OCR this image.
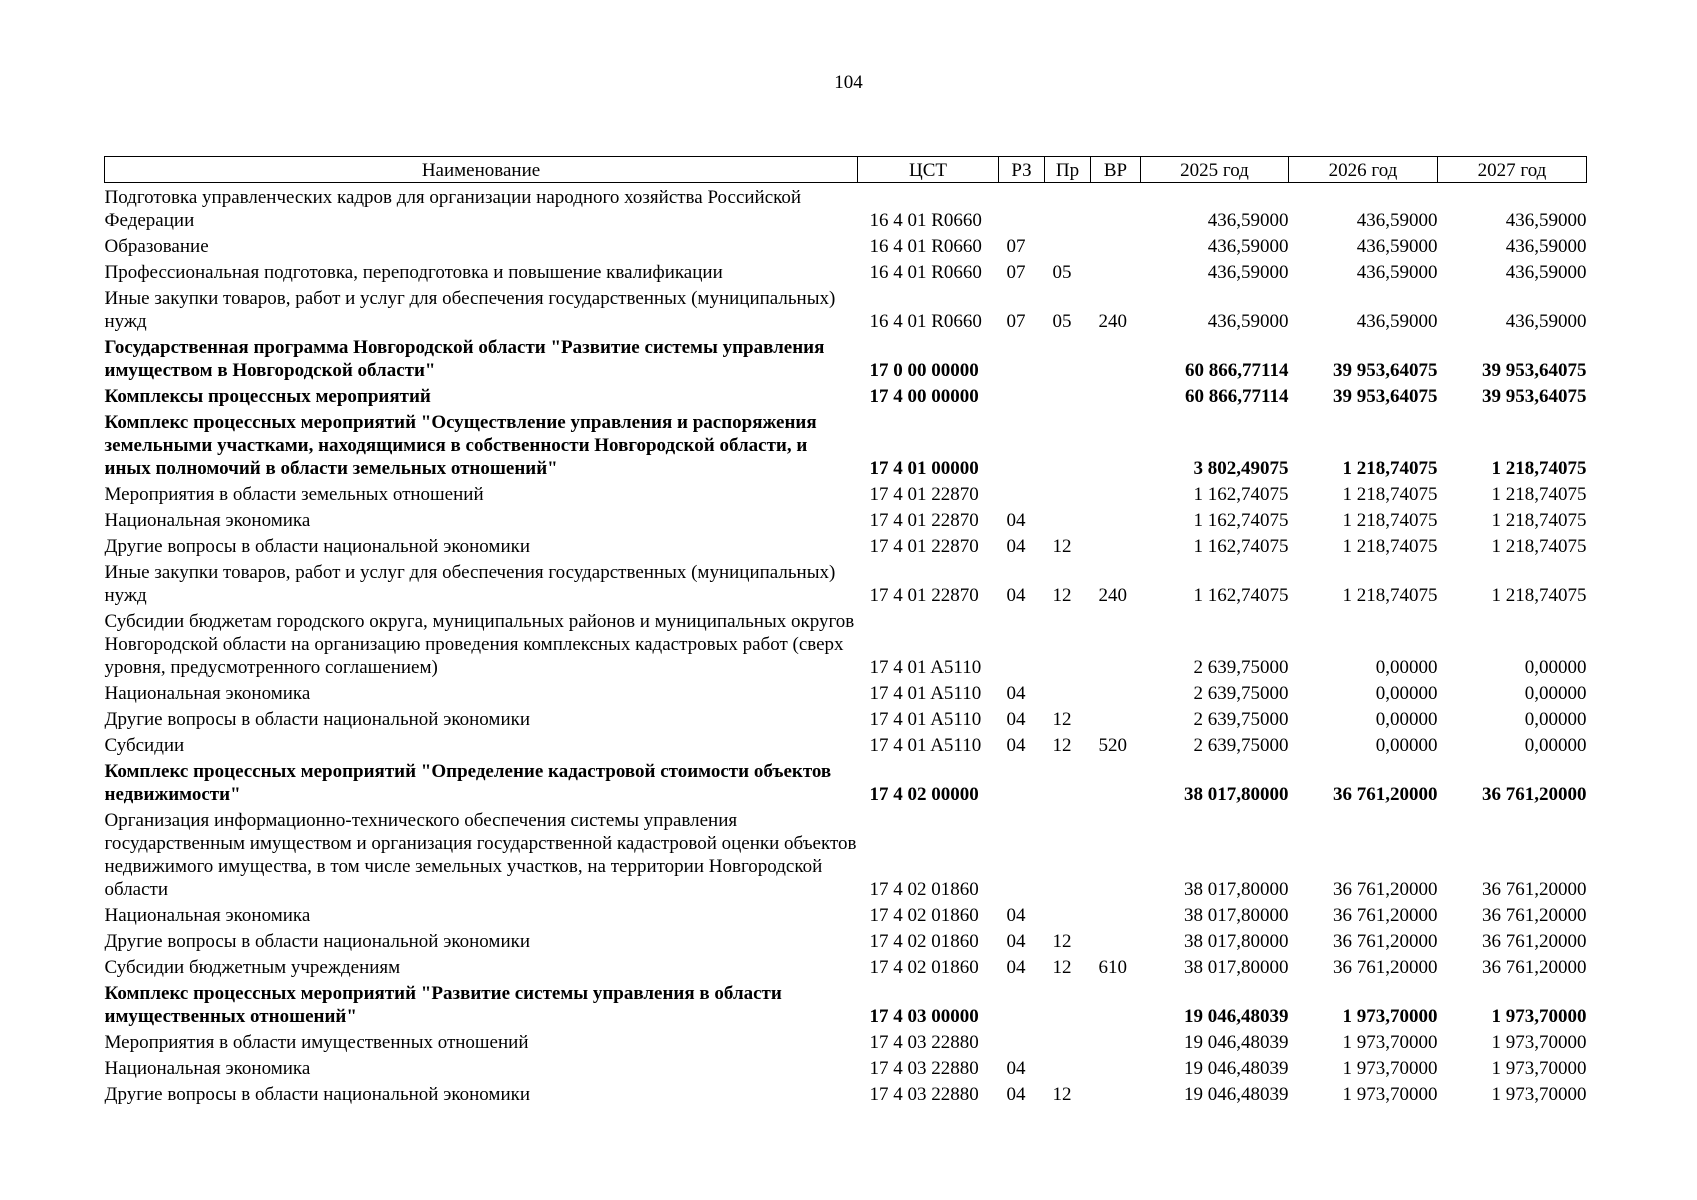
104
Наименование	ЦСТ	РЗ	Пр	ВР	2025 год	2026 год	2027 год
Подготовка управленческих кадров для организации народного хозяйства Российской Федерации	16 4 01 R0660				436,59000	436,59000	436,59000
Образование	16 4 01 R0660	07			436,59000	436,59000	436,59000
Профессиональная подготовка, переподготовка и повышение квалификации	16 4 01 R0660	07	05		436,59000	436,59000	436,59000
Иные закупки товаров, работ и услуг для обеспечения государственных (муниципальных) нужд	16 4 01 R0660	07	05	240	436,59000	436,59000	436,59000
Государственная программа Новгородской области "Развитие системы управления имуществом в Новгородской области"	17 0 00 00000				60 866,77114	39 953,64075	39 953,64075
Комплексы процессных мероприятий	17 4 00 00000				60 866,77114	39 953,64075	39 953,64075
Комплекс процессных мероприятий "Осуществление управления и распоряжения земельными участками, находящимися в собственности Новгородской области, и иных полномочий в области земельных отношений"	17 4 01 00000				3 802,49075	1 218,74075	1 218,74075
Мероприятия в области земельных отношений	17 4 01 22870				1 162,74075	1 218,74075	1 218,74075
Национальная экономика	17 4 01 22870	04			1 162,74075	1 218,74075	1 218,74075
Другие вопросы в области национальной экономики	17 4 01 22870	04	12		1 162,74075	1 218,74075	1 218,74075
Иные закупки товаров, работ и услуг для обеспечения государственных (муниципальных) нужд	17 4 01 22870	04	12	240	1 162,74075	1 218,74075	1 218,74075
Субсидии бюджетам городского округа, муниципальных районов и муниципальных округов Новгородской области на организацию проведения комплексных кадастровых работ (сверх уровня, предусмотренного соглашением)	17 4 01 A5110				2 639,75000	0,00000	0,00000
Национальная экономика	17 4 01 A5110	04			2 639,75000	0,00000	0,00000
Другие вопросы в области национальной экономики	17 4 01 A5110	04	12		2 639,75000	0,00000	0,00000
Субсидии	17 4 01 A5110	04	12	520	2 639,75000	0,00000	0,00000
Комплекс процессных мероприятий "Определение кадастровой стоимости объектов недвижимости"	17 4 02 00000				38 017,80000	36 761,20000	36 761,20000
Организация информационно-технического обеспечения системы управления государственным имуществом и организация государственной кадастровой оценки объектов недвижимого имущества, в том числе земельных участков, на территории Новгородской области	17 4 02 01860				38 017,80000	36 761,20000	36 761,20000
Национальная экономика	17 4 02 01860	04			38 017,80000	36 761,20000	36 761,20000
Другие вопросы в области национальной экономики	17 4 02 01860	04	12		38 017,80000	36 761,20000	36 761,20000
Субсидии бюджетным учреждениям	17 4 02 01860	04	12	610	38 017,80000	36 761,20000	36 761,20000
Комплекс процессных мероприятий "Развитие системы управления в области имущественных отношений"	17 4 03 00000				19 046,48039	1 973,70000	1 973,70000
Мероприятия в области имущественных отношений	17 4 03 22880				19 046,48039	1 973,70000	1 973,70000
Национальная экономика	17 4 03 22880	04			19 046,48039	1 973,70000	1 973,70000
Другие вопросы в области национальной экономики	17 4 03 22880	04	12		19 046,48039	1 973,70000	1 973,70000
